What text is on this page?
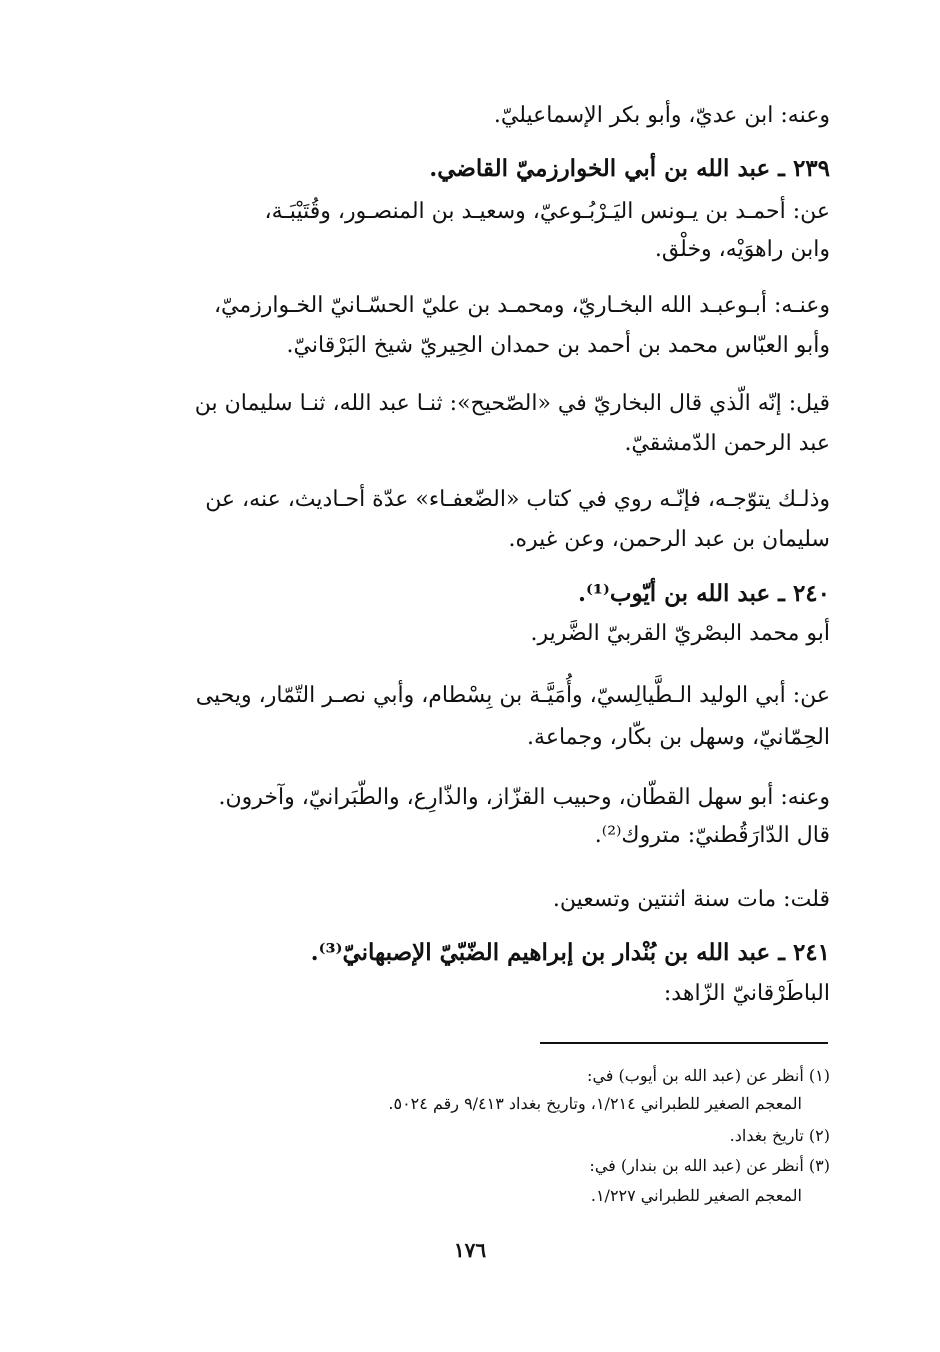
وعنه: ابن عديّ، وأبو بكر الإسماعيليّ.
٢٣٩ ـ عبد الله بن أبي الخوارزميّ القاضي.
عن: أحمـد بن يـونس اليَـرْبُـوعيّ، وسعيـد بن المنصـور، وقُتَيْبَـة،
وابن راهوَيْه، وخلْق.
وعنـه: أبـوعبـد الله البخـاريّ، ومحمـد بن عليّ الحسّـانيّ الخـوارزميّ،
وأبو العبّاس محمد بن أحمد بن حمدان الحِيريّ شيخ البَرْقانيّ.
قيل: إنّه الّذي قال البخاريّ في «الصّحيح»: ثنـا عبد الله، ثنـا سليمان بن
عبد الرحمن الدّمشقيّ.
وذلـك يتوّجـه، فإنّـه روي في كتاب «الضّعفـاء» عدّة أحـاديث، عنه، عن
سليمان بن عبد الرحمن، وعن غيره.
٢٤٠ ـ عبد الله بن أيّوب⁽¹⁾.
أبو محمد البصْريّ القربيّ الضَّرير.
عن: أبي الوليد الـطَّيالِسيّ، وأُمَيَّـة بن بِسْطام، وأبي نصـر التّمّار، ويحيى
الحِمّانيّ، وسهل بن بكّار، وجماعة.
وعنه: أبو سهل القطّان، وحبيب القزّاز، والذّارِع، والطّبَرانيّ، وآخرون.
قال الدّارَقُطنيّ: متروك⁽²⁾.
قلت: مات سنة اثنتين وتسعين.
٢٤١ ـ عبد الله بن بُنْدار بن إبراهيم الضّبّيّ الإصبهانيّ⁽³⁾.
الباطَرْقانيّ الزّاهد:
(١) أنظر عن (عبد الله بن أيوب) في:
المعجم الصغير للطبراني ١/٢١٤، وتاريخ بغداد ٩/٤١٣ رقم ٥٠٢٤.
(٢) تاريخ بغداد.
(٣) أنظر عن (عبد الله بن بندار) في:
المعجم الصغير للطبراني ١/٢٢٧.
١٧٦
